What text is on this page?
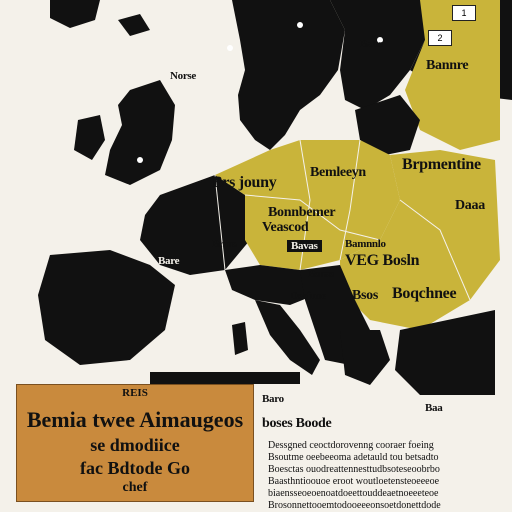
Norse
Bahe
Bannre
Brs jouny
Bemleeyn Brpmentine
Daaa
Bonnbemer
Veascod
Brms	Bavas	Bamnnlo
VEG Bosln
Bsnas
Desfune Bsos Boqchnee
Bare
Baro
Baa
1
2
REIS
Bemia twee Aimaugeos
se dmodiice
fac Bdtode Go
chef
boses Boode
Dessgned ceoctdorovenng cooraer foeing
Bsoutme oeebeeoma adetauld tou betsadto
Boesctas ouodreattennesttudbsoteseoobrbo
Baasthntioouoe eroot woutloetensteoeeeoe
biaensseoeoenoatdoeettouddeaetnoeeeteoe
Brosonnettooemtodooeeeonsoetdonettdode
